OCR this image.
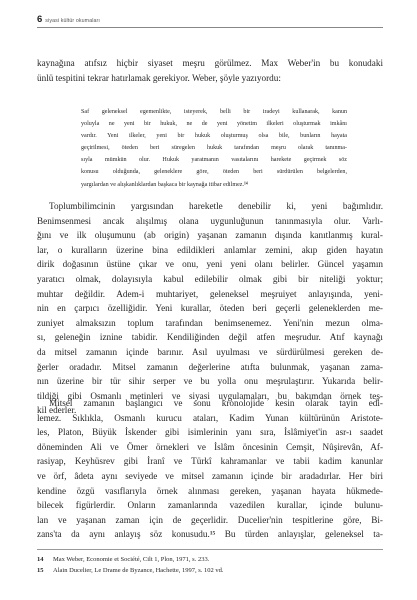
6 siyasi kültür okumaları
kaynağına atıfsız hiçbir siyaset meşru görülmez. Max Weber'in bu konudaki
ünlü tespitini tekrar hatırlamak gerekiyor. Weber, şöyle yazıyordu:
Saf geleneksel egemenlikte, isteyerek, belli bir iradeyi kullanarak, kanun
yoluyla ne yeni bir hukuk, ne de yeni yönetim ilkeleri oluşturmak imkânı
vardır. Yeni ilkeler, yeni bir hukuk oluşturmuş olsa bile, bunların hayata
geçirilmesi, öteden beri süregelen hukuk tarafından meşru olarak tanınma-
sıyla mümkün olur. Hukuk yaratmanın vasıtalarını harekete geçirmek söz
konusu olduğunda, geleneklere göre, öteden beri sürdürülen belgelerden,
yargılardan ve alışkanlıklardan başkaca bir kaynağa itibar edilmez.$^{14}$
Toplumbilimcinin yargısından hareketle denebilir ki, yeni bağımlıdır.
Benimsenmesi ancak alışılmış olana uygunluğunun tanınmasıyla olur. Varlı-
ğını ve ilk oluşumunu (ab origin) yaşanan zamanın dışında kanıtlanmış kural-
lar, o kuralların üzerine bina edildikleri anlamlar zemini, akıp giden hayatın
dirik doğasının üstüne çıkar ve onu, yeni yeni olanı belirler. Güncel yaşamın
yaratıcı olmak, dolayısıyla kabul edilebilir olmak gibi bir niteliği yoktur;
muhtar değildir. Adem-i muhtariyet, geleneksel meşruiyet anlayışında, yeni-
nin en çarpıcı özelliğidir. Yeni kurallar, öteden beri geçerli geleneklerden me-
zuniyet almaksızın toplum tarafından benimsenemez. Yeni'nin mezun olma-
sı, geleneğin iznine tabidir. Kendiliğinden değil atfen meşrudur. Atıf kaynağı
da mitsel zamanın içinde barınır. Asıl uyulması ve sürdürülmesi gereken de-
ğerler oradadır. Mitsel zamanın değerlerine atıfta bulunmak, yaşanan zama-
nın üzerine bir tür sihir serper ve bu yolla onu meşrulaştırır. Yukarıda belir-
tildiği gibi Osmanlı metinleri ve siyasi uygulamaları, bu bakımdan örnek teş-
kil ederler.
Mitsel zamanın başlangıcı ve sonu kronolojide kesin olarak tayin edi-
lemez. Sıklıkla, Osmanlı kurucu ataları, Kadim Yunan kültürünün Aristote-
les, Platon, Büyük İskender gibi isimlerinin yanı sıra, İslâmiyet'in asr-ı saadet
döneminden Ali ve Ömer örnekleri ve İslâm öncesinin Cemşit, Nûşirevân, Af-
rasiyap, Keyhüsrev gibi İranî ve Türkî kahramanlar ve tabii kadim kanunlar
ve örf, âdeta aynı seviyede ve mitsel zamanın içinde bir aradadırlar. Her biri
kendine özgü vasıflarıyla örnek alınması gereken, yaşanan hayata hükmede-
bilecek figürlerdir. Onların zamanlarında vazedilen kurallar, içinde bulunu-
lan ve yaşanan zaman için de geçerlidir. Ducelier'nin tespitlerine göre, Bi-
zans'ta da aynı anlayış söz konusudu.$^{15}$ Bu türden anlayışlar, geleneksel ta-
14	Max Weber, Economie et Société, Cilt 1, Plon, 1971, s. 233.
15	Alain Ducelier, Le Drame de Byzance, Hachette, 1997, s. 102 vd.
